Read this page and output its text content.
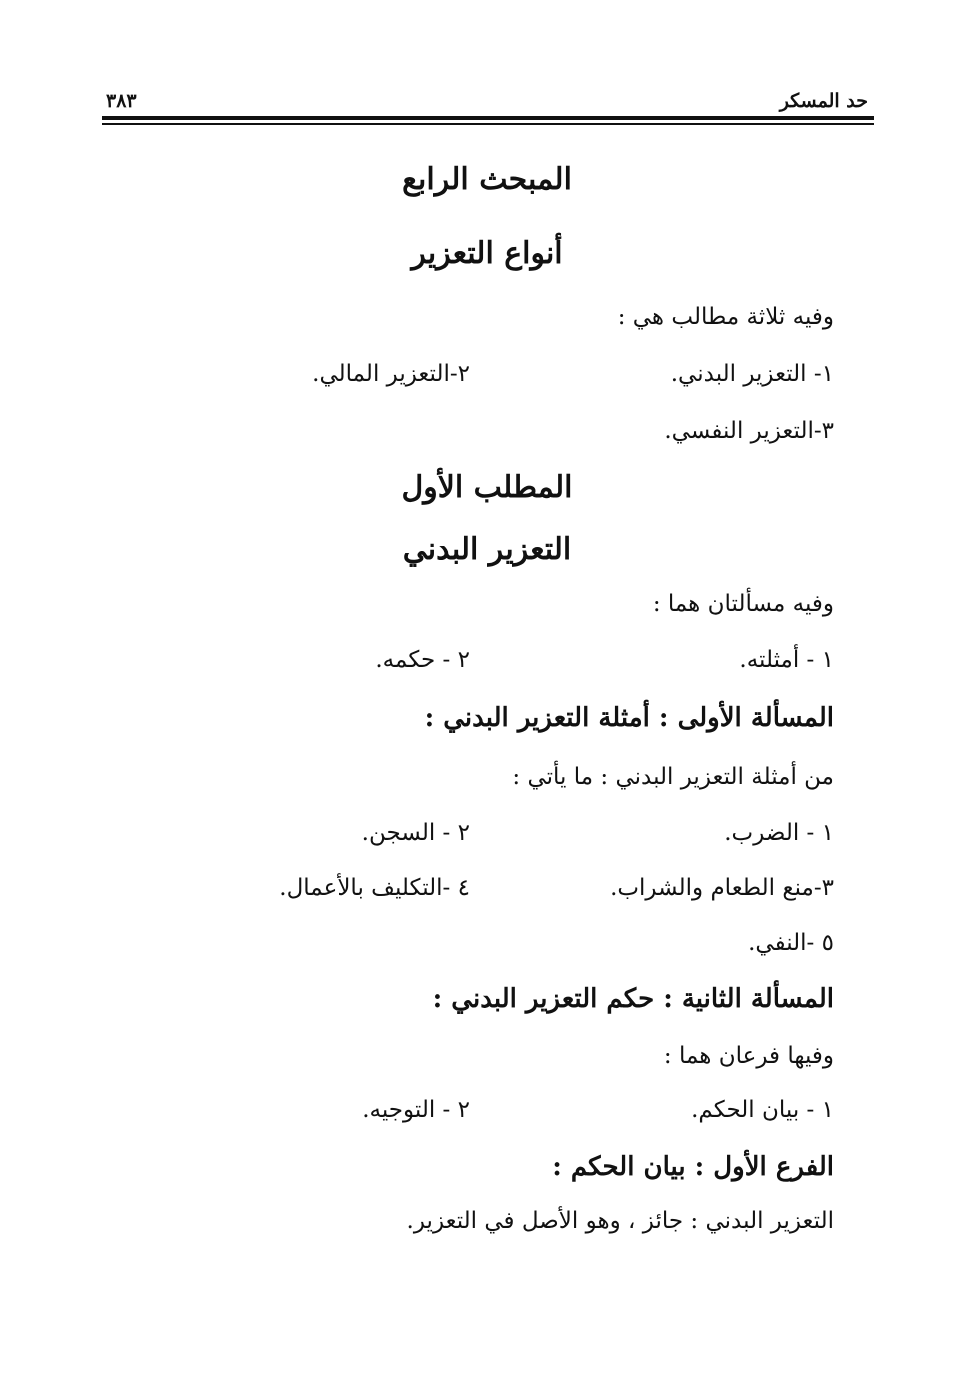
حد المسكر
٣٨٣
المبحث الرابع
أنواع التعزير
وفيه ثلاثة مطالب هي :
١- التعزير البدني.
٢-التعزير المالي.
٣-التعزير النفسي.
المطلب الأول
التعزير البدني
وفيه مسألتان هما :
١ - أمثلته.
٢ - حكمه.
المسألة الأولى : أمثلة التعزير البدني :
من أمثلة التعزير البدني : ما يأتي :
١ - الضرب.
٢ - السجن.
٣-منع الطعام والشراب.
٤ -التكليف بالأعمال.
٥ -النفي.
المسألة الثانية : حكم التعزير البدني :
وفيها فرعان هما :
١ - بيان الحكم.
٢ - التوجيه.
الفرع الأول : بيان الحكم :
التعزير البدني : جائز ، وهو الأصل في التعزير.
